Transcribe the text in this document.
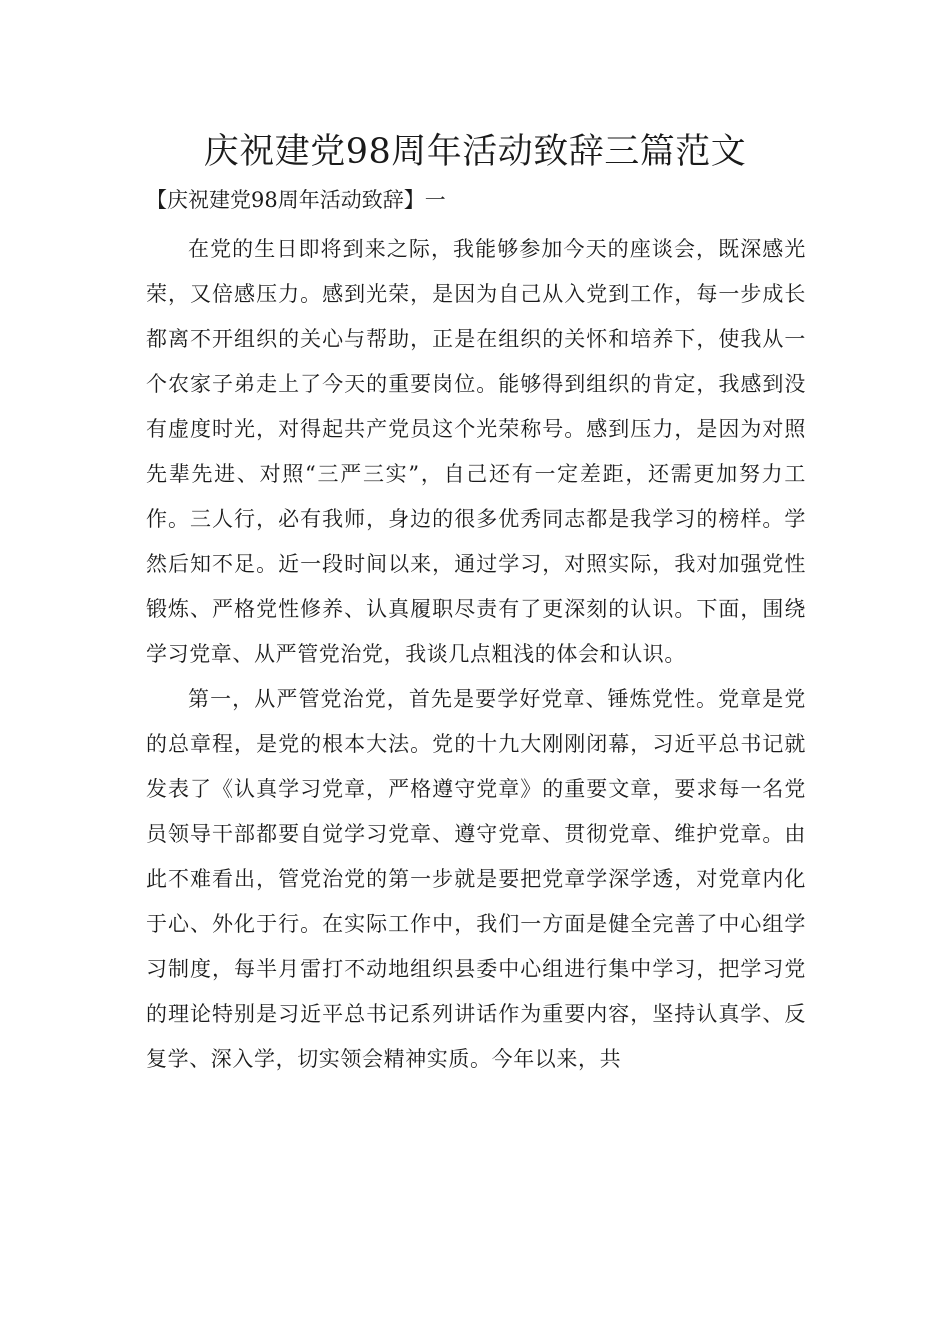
庆祝建党98周年活动致辞三篇范文

【庆祝建党98周年活动致辞】一

在党的生日即将到来之际，我能够参加今天的座谈会，既深感光荣，又倍感压力。感到光荣，是因为自己从入党到工作，每一步成长都离不开组织的关心与帮助，正是在组织的关怀和培养下，使我从一个农家子弟走上了今天的重要岗位。能够得到组织的肯定，我感到没有虚度时光，对得起共产党员这个光荣称号。感到压力，是因为对照先辈先进、对照“三严三实”，自己还有一定差距，还需更加努力工作。三人行，必有我师，身边的很多优秀同志都是我学习的榜样。学然后知不足。近一段时间以来，通过学习，对照实际，我对加强党性锻炼、严格党性修养、认真履职尽责有了更深刻的认识。下面，围绕学习党章、从严管党治党，我谈几点粗浅的体会和认识。

第一，从严管党治党，首先是要学好党章、锤炼党性。党章是党的总章程，是党的根本大法。党的十九大刚刚闭幕，习近平总书记就发表了《认真学习党章，严格遵守党章》的重要文章，要求每一名党员领导干部都要自觉学习党章、遵守党章、贯彻党章、维护党章。由此不难看出，管党治党的第一步就是要把党章学深学透，对党章内化于心、外化于行。在实际工作中，我们一方面是健全完善了中心组学习制度，每半月雷打不动地组织县委中心组进行集中学习，把学习党的理论特别是习近平总书记系列讲话作为重要内容，坚持认真学、反复学、深入学，切实领会精神实质。今年以来，共
